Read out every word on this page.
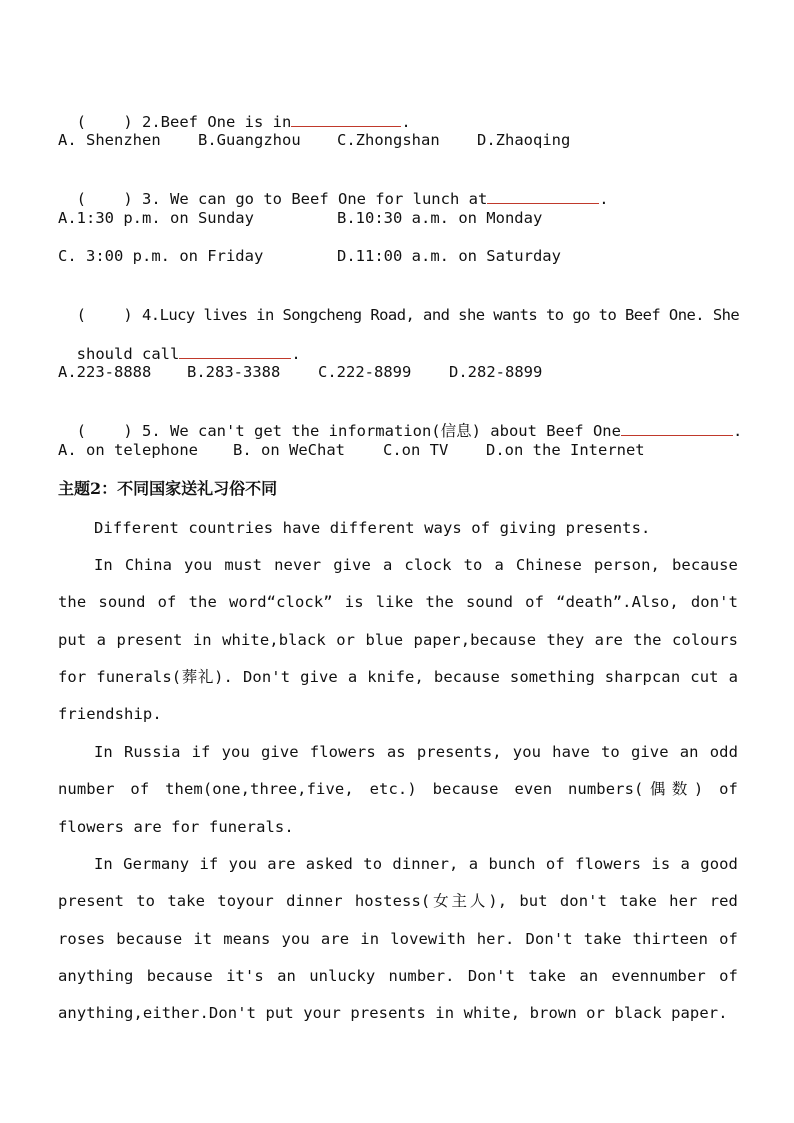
(    ) 2.Beef One is in	.

A. Shenzhen B.Guangzhou C.Zhongshan D.Zhaoqing

(    ) 3. We can go to Beef One for lunch at	.

A.1:30 p.m. on Sunday	B.10:30 a.m. on Monday
C. 3:00 p.m. on Friday	D.11:00 a.m. on Saturday

(    ) 4.Lucy lives in Songcheng Road, and she wants to go to Beef One. She

should call	.

A.223-8888 B.283-3388 C.222-8899 D.282-8899

(    ) 5. We can't get the information(信息) about Beef One	.

A. on telephone B. on WeChat C.on TV D.on the Internet
主题2：不同国家送礼习俗不同

Different countries have different ways of giving presents.

In China you must never give a clock to a Chinese person, because the sound of the word“clock” is like the sound of “death”.Also, don't put a present in white,black or blue paper,because they are the colours for funerals(葬礼). Don't give a knife, because something sharpcan cut a friendship.

In Russia if you give flowers as presents, you have to give an odd number of them(one,three,five, etc.) because even numbers(偶数) of flowers are for funerals.

In Germany if you are asked to dinner, a bunch of flowers is a good present to take toyour dinner hostess(女主人), but don't take her red roses because it means you are in lovewith her. Don't take thirteen of anything because it's an unlucky number. Don't take an evennumber of anything,either.Don't put your presents in white, brown or black paper.
